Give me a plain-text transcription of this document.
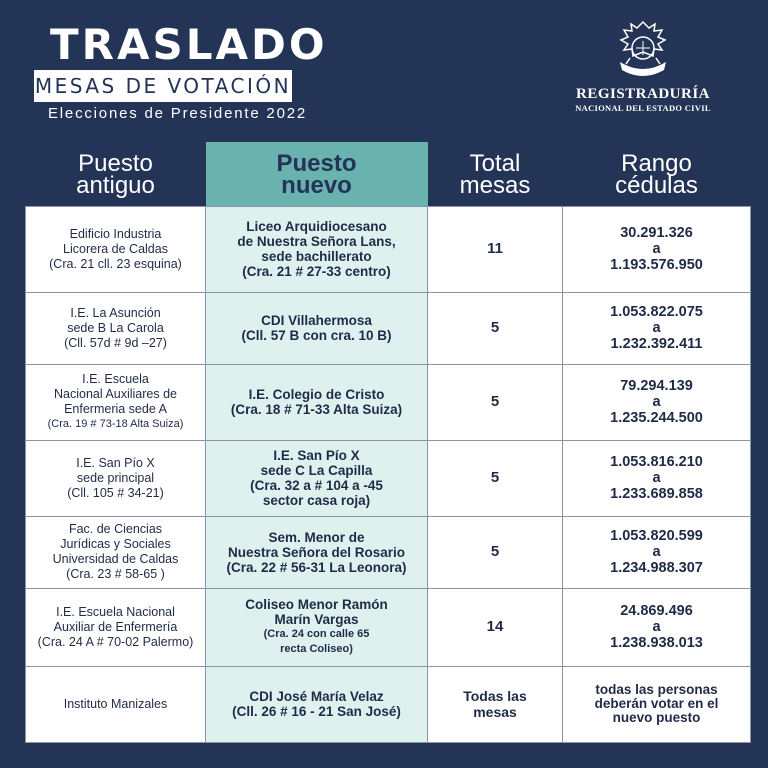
TRASLADO
MESAS DE VOTACIÓN
Elecciones de Presidente 2022
REGISTRADURÍA
NACIONAL DEL ESTADO CIVIL
Puesto
antiguo	Puesto
nuevo	Total
mesas	Rango
cédulas

Edificio Industria
Licorera de Caldas
(Cra. 21 cll. 23 esquina)	Liceo Arquidiocesano
de Nuestra Señora Lans,
sede bachillerato
(Cra. 21 # 27-33 centro)	11	30.291.326
a
1.193.576.950

I.E. La Asunción
sede B La Carola
(Cll. 57d # 9d –27)	CDI Villahermosa
(Cll. 57 B con cra. 10 B)	5	1.053.822.075
a
1.232.392.411

I.E. Escuela
Nacional Auxiliares de
Enfermeria sede A
(Cra. 19 # 73-18 Alta Suiza)	I.E. Colegio de Cristo
(Cra. 18 # 71-33 Alta Suiza)	5	79.294.139
a
1.235.244.500

I.E. San Pío X
sede principal
(Cll. 105 # 34-21)	I.E. San Pío X
sede C La Capilla
(Cra. 32 a # 104 a -45
sector casa roja)	5	1.053.816.210
a
1.233.689.858

Fac. de Ciencias
Jurídicas y Sociales
Universidad de Caldas
(Cra. 23 # 58-65 )	Sem. Menor de
Nuestra Señora del Rosario
(Cra. 22 # 56-31 La Leonora)	5	1.053.820.599
a
1.234.988.307

I.E. Escuela Nacional
Auxiliar de Enfermería
(Cra. 24 A # 70-02 Palermo)	Coliseo Menor Ramón
Marín Vargas
(Cra. 24 con calle 65
recta Coliseo)	14	24.869.496
a
1.238.938.013

Instituto Manizales	CDI José María Velaz
(Cll. 26 # 16 - 21 San José)	Todas las mesas	todas las personas
deberán votar en el
nuevo puesto
